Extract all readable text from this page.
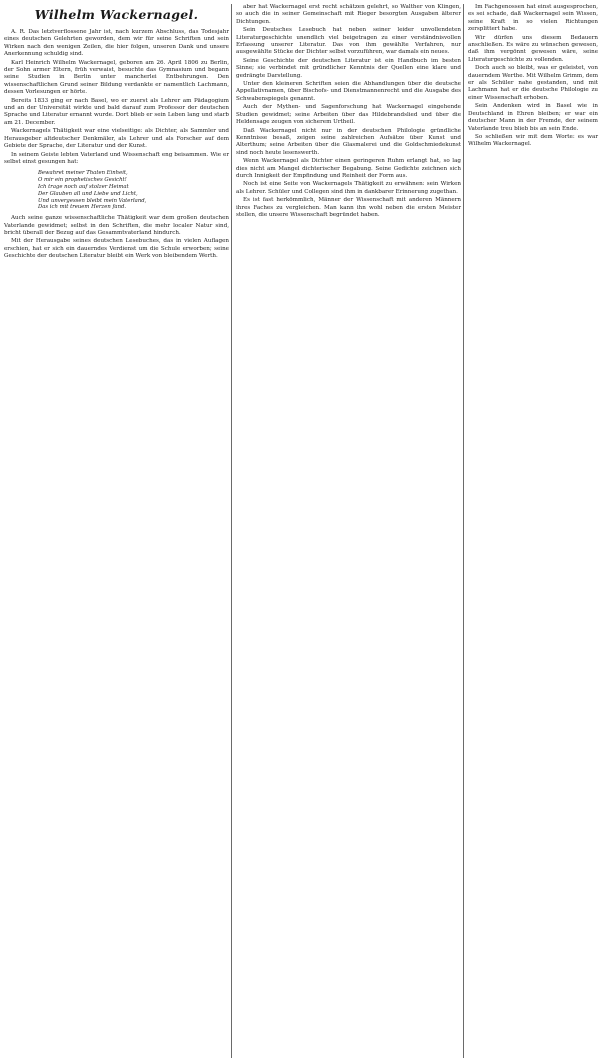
Wilhelm Wackernagel.

A. R. Das letztverflossene Jahr ist, nach kurzem Abschluss, das Todesjahr eines deutschen Gelehrten geworden, dem wir für seine Schriften und sein Wirken nach den wenigen Zeilen, die hier folgen, unseren Dank und unsere Anerkennung schuldig sind.

Karl Heinrich Wilhelm Wackernagel, geboren am 26. April 1806 zu Berlin, der Sohn armer Eltern, früh verwaist, besuchte das Gymnasium und begann seine Studien in Berlin unter mancherlei Entbehrungen. Den wissenschaftlichen Grund seiner Bildung verdankte er namentlich Lachmann, dessen Vorlesungen er hörte.

Bereits 1833 ging er nach Basel, wo er zuerst als Lehrer am Pädagogium und an der Universität wirkte und bald darauf zum Professor der deutschen Sprache und Literatur ernannt wurde. Dort blieb er sein Leben lang und starb am 21. December.

Wackernagels Thätigkeit war eine vielseitige: als Dichter, als Sammler und Herausgeber altdeutscher Denkmäler, als Lehrer und als Forscher auf dem Gebiete der Sprache, der Literatur und der Kunst.

In seinem Geiste lebten Vaterland und Wissenschaft eng beisammen. Wie er selbst einst gesungen hat:

Bewahret meiner Thaten Einheit,
O mir ein prophetisches Gesicht!
Ich trage noch auf stolzer Heimat
Der Glauben all und Liebe und Licht,
Und unvergessen bleibt mein Vaterland,
Das ich mit treuem Herzen fand.

Auch seine ganze wissenschaftliche Thätigkeit war dem großen deutschen Vaterlande gewidmet; selbst in den Schriften, die mehr localer Natur sind, bricht überall der Bezug auf das Gesammtvaterland hindurch.

Mit der Herausgabe seines deutschen Lesebuches, das in vielen Auflagen erschien, hat er sich ein dauerndes Verdienst um die Schule erworben; seine Geschichte der deutschen Literatur bleibt ein Werk von bleibendem Werth.

aber hat Wackernagel erst recht schätzen gelehrt, so Walther von Klingen, so auch die in seiner Gemeinschaft mit Rieger besorgten Ausgaben älterer Dichtungen.

Sein Deutsches Lesebuch hat neben seiner leider unvollendeten Literaturgeschichte unendlich viel beigetragen zu einer verständnisvollen Erfassung unserer Literatur. Das von ihm gewählte Verfahren, nur ausgewählte Stücke der Dichter selbst vorzuführen, war damals ein neues.

Seine Geschichte der deutschen Literatur ist ein Handbuch im besten Sinne; sie verbindet mit gründlicher Kenntnis der Quellen eine klare und gedrängte Darstellung.

Unter den kleineren Schriften seien die Abhandlungen über die deutsche Appellativnamen, über Bischofs- und Dienstmannenrecht und die Ausgabe des Schwabenspiegels genannt.

Auch der Mythen- und Sagenforschung hat Wackernagel eingehende Studien gewidmet; seine Arbeiten über das Hildebrandslied und über die Heldensage zeugen von sicherem Urtheil.

Daß Wackernagel nicht nur in der deutschen Philologie gründliche Kenntnisse besaß, zeigen seine zahlreichen Aufsätze über Kunst und Alterthum; seine Arbeiten über die Glasmalerei und die Goldschmiedekunst sind noch heute lesenswerth.

Wenn Wackernagel als Dichter einen geringeren Ruhm erlangt hat, so lag dies nicht am Mangel dichterischer Begabung. Seine Gedichte zeichnen sich durch Innigkeit der Empfindung und Reinheit der Form aus.

Noch ist eine Seite von Wackernagels Thätigkeit zu erwähnen: sein Wirken als Lehrer. Schüler und Collegen sind ihm in dankbarer Erinnerung zugethan.

Es ist fast herkömmlich, Männer der Wissenschaft mit anderen Männern ihres Faches zu vergleichen. Man kann ihn wohl neben die ersten Meister stellen, die unsere Wissenschaft begründet haben.

Im Fachgenossen hat einst ausgesprochen, es sei schade, daß Wackernagel sein Wissen, seine Kraft in so vielen Richtungen zersplittert habe.

Wir dürfen uns diesem Bedauern anschließen. Es wäre zu wünschen gewesen, daß ihm vergönnt gewesen wäre, seine Literaturgeschichte zu vollenden.

Doch auch so bleibt, was er geleistet, von dauerndem Werthe. Mit Wilhelm Grimm, dem er als Schüler nahe gestanden, und mit Lachmann hat er die deutsche Philologie zu einer Wissenschaft erhoben.

Sein Andenken wird in Basel wie in Deutschland in Ehren bleiben; er war ein deutscher Mann in der Fremde, der seinem Vaterlande treu blieb bis an sein Ende.

So schließen wir mit dem Worte: es war Wilhelm Wackernagel.
